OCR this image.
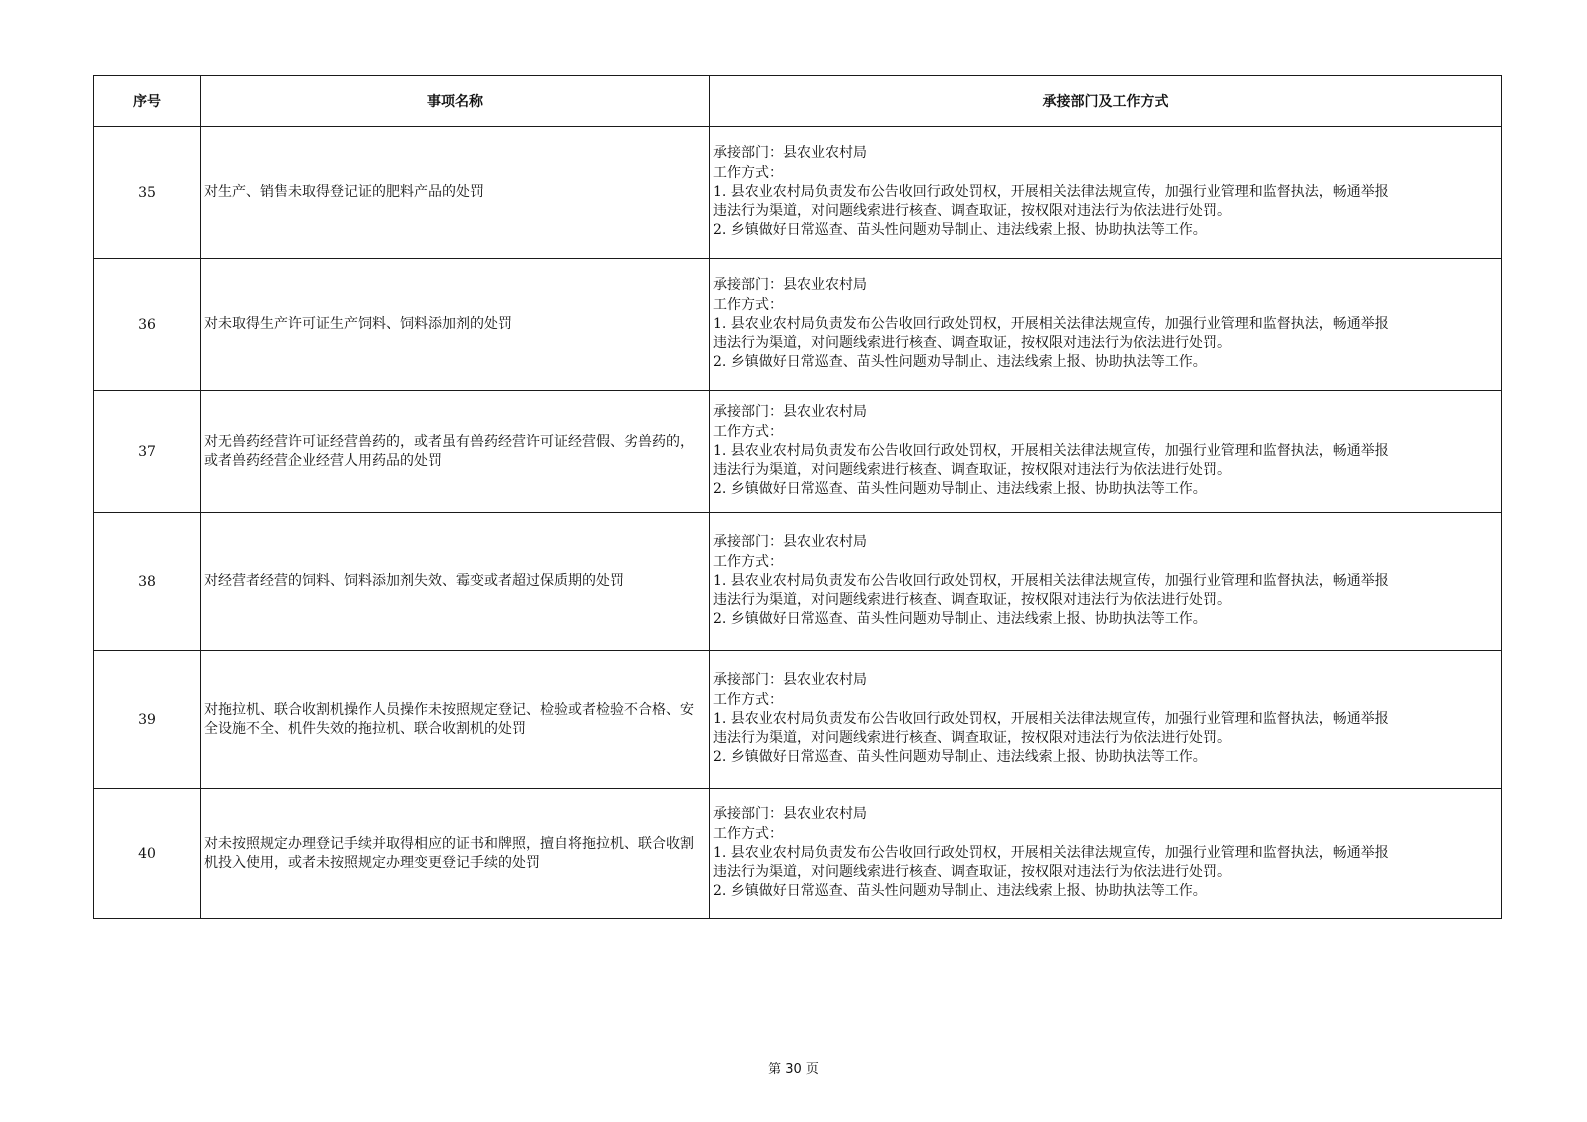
序号	事项名称	承接部门及工作方式
35	对生产、销售未取得登记证的肥料产品的处罚	承接部门：县农业农村局
工作方式：
1. 县农业农村局负责发布公告收回行政处罚权，开展相关法律法规宣传，加强行业管理和监督执法，畅通举报
违法行为渠道，对问题线索进行核查、调查取证，按权限对违法行为依法进行处罚。
2. 乡镇做好日常巡查、苗头性问题劝导制止、违法线索上报、协助执法等工作。

36	对未取得生产许可证生产饲料、饲料添加剂的处罚	承接部门：县农业农村局
工作方式：
1. 县农业农村局负责发布公告收回行政处罚权，开展相关法律法规宣传，加强行业管理和监督执法，畅通举报
违法行为渠道，对问题线索进行核查、调查取证，按权限对违法行为依法进行处罚。
2. 乡镇做好日常巡查、苗头性问题劝导制止、违法线索上报、协助执法等工作。

37	对无兽药经营许可证经营兽药的，或者虽有兽药经营许可证经营假、劣兽药的，或者兽药经营企业经营人用药品的处罚	承接部门：县农业农村局
工作方式：
1. 县农业农村局负责发布公告收回行政处罚权，开展相关法律法规宣传，加强行业管理和监督执法，畅通举报
违法行为渠道，对问题线索进行核查、调查取证，按权限对违法行为依法进行处罚。
2. 乡镇做好日常巡查、苗头性问题劝导制止、违法线索上报、协助执法等工作。

38	对经营者经营的饲料、饲料添加剂失效、霉变或者超过保质期的处罚	承接部门：县农业农村局
工作方式：
1. 县农业农村局负责发布公告收回行政处罚权，开展相关法律法规宣传，加强行业管理和监督执法，畅通举报
违法行为渠道，对问题线索进行核查、调查取证，按权限对违法行为依法进行处罚。
2. 乡镇做好日常巡查、苗头性问题劝导制止、违法线索上报、协助执法等工作。

39	对拖拉机、联合收割机操作人员操作未按照规定登记、检验或者检验不合格、安全设施不全、机件失效的拖拉机、联合收割机的处罚	承接部门：县农业农村局
工作方式：
1. 县农业农村局负责发布公告收回行政处罚权，开展相关法律法规宣传，加强行业管理和监督执法，畅通举报
违法行为渠道，对问题线索进行核查、调查取证，按权限对违法行为依法进行处罚。
2. 乡镇做好日常巡查、苗头性问题劝导制止、违法线索上报、协助执法等工作。

40	对未按照规定办理登记手续并取得相应的证书和牌照，擅自将拖拉机、联合收割机投入使用，或者未按照规定办理变更登记手续的处罚	承接部门：县农业农村局
工作方式：
1. 县农业农村局负责发布公告收回行政处罚权，开展相关法律法规宣传，加强行业管理和监督执法，畅通举报
违法行为渠道，对问题线索进行核查、调查取证，按权限对违法行为依法进行处罚。
2. 乡镇做好日常巡查、苗头性问题劝导制止、违法线索上报、协助执法等工作。
第 30 页
